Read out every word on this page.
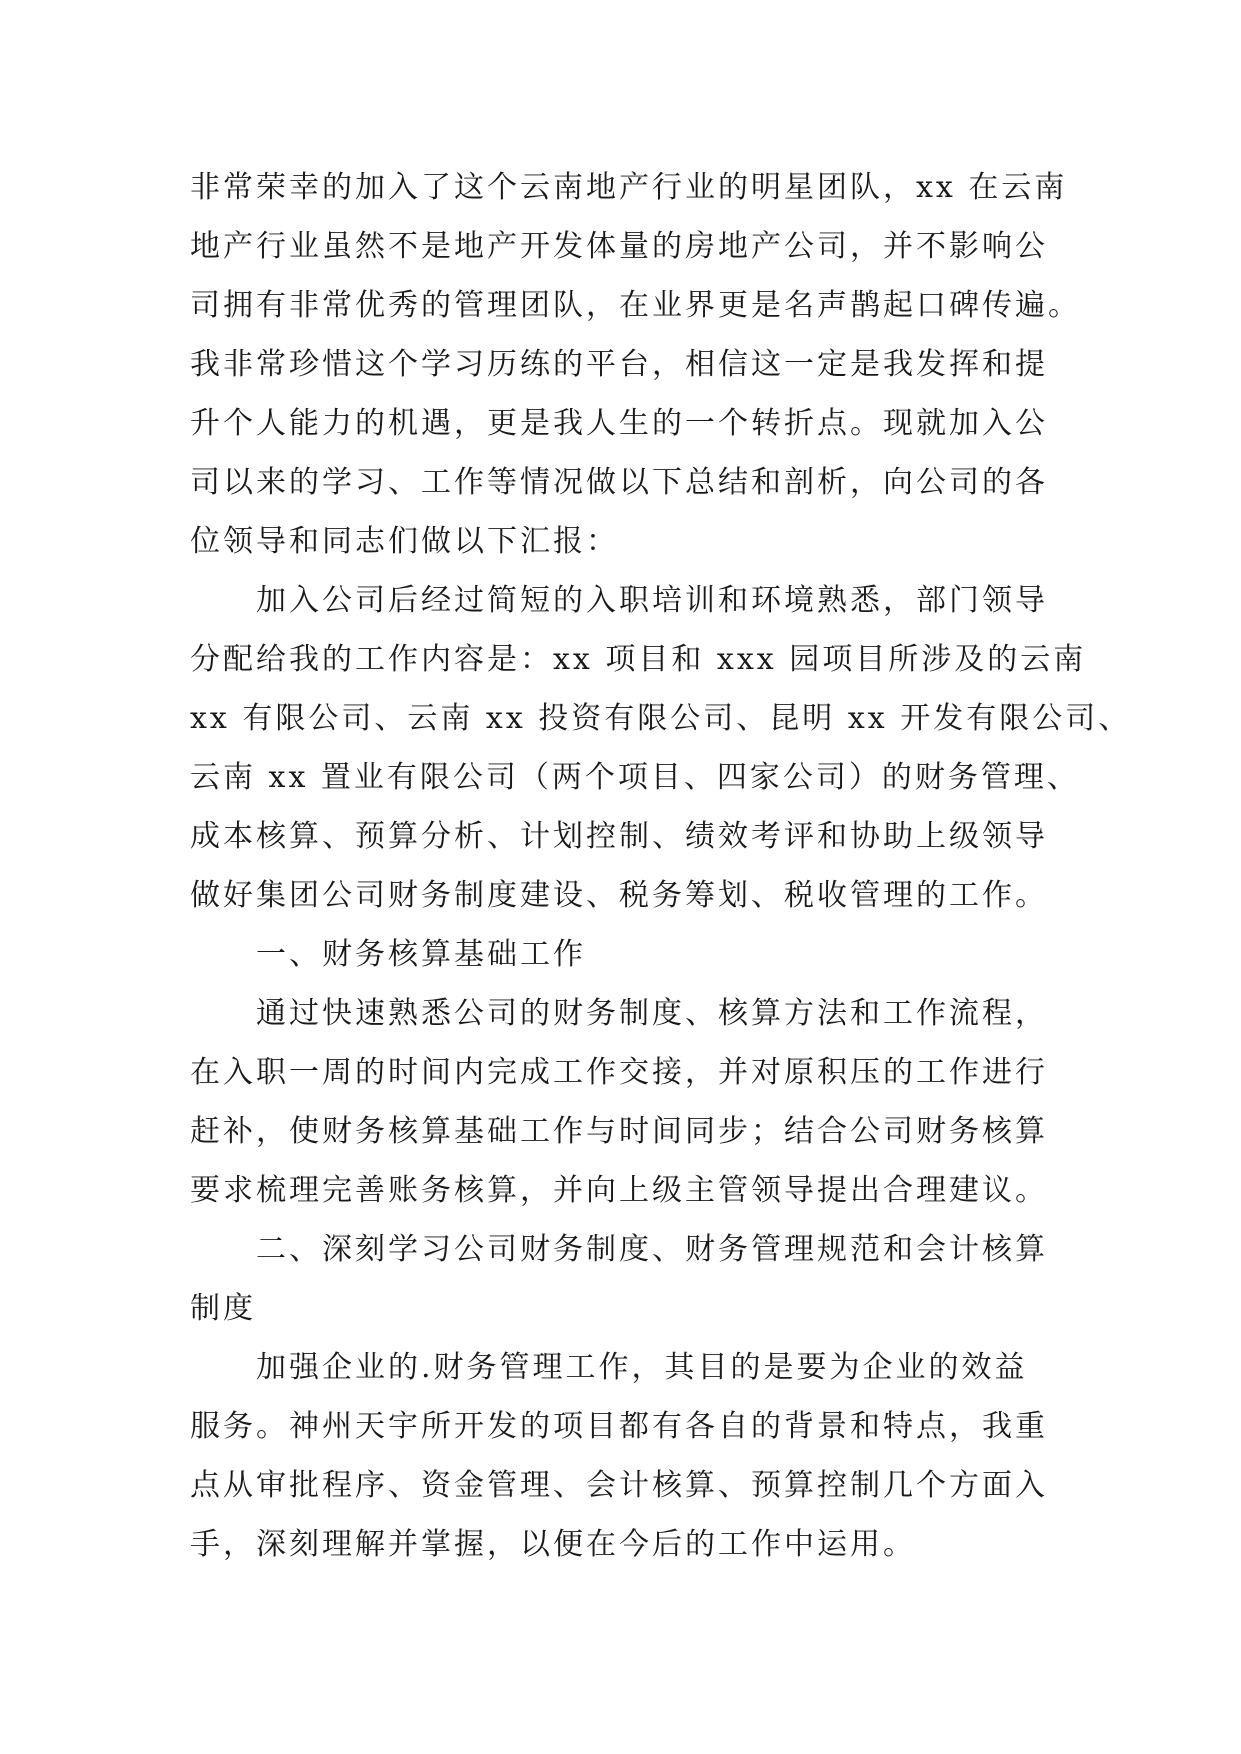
非常荣幸的加入了这个云南地产行业的明星团队，xx 在云南
地产行业虽然不是地产开发体量的房地产公司，并不影响公
司拥有非常优秀的管理团队，在业界更是名声鹊起口碑传遍。
我非常珍惜这个学习历练的平台，相信这一定是我发挥和提
升个人能力的机遇，更是我人生的一个转折点。现就加入公
司以来的学习、工作等情况做以下总结和剖析，向公司的各
位领导和同志们做以下汇报：
　　加入公司后经过简短的入职培训和环境熟悉，部门领导
分配给我的工作内容是：xx 项目和 xxx 园项目所涉及的云南
xx 有限公司、云南 xx 投资有限公司、昆明 xx 开发有限公司、
云南 xx 置业有限公司（两个项目、四家公司）的财务管理、
成本核算、预算分析、计划控制、绩效考评和协助上级领导
做好集团公司财务制度建设、税务筹划、税收管理的工作。
　　一、财务核算基础工作
　　通过快速熟悉公司的财务制度、核算方法和工作流程，
在入职一周的时间内完成工作交接，并对原积压的工作进行
赶补，使财务核算基础工作与时间同步；结合公司财务核算
要求梳理完善账务核算，并向上级主管领导提出合理建议。
　　二、深刻学习公司财务制度、财务管理规范和会计核算
制度
　　加强企业的.财务管理工作，其目的是要为企业的效益
服务。神州天宇所开发的项目都有各自的背景和特点，我重
点从审批程序、资金管理、会计核算、预算控制几个方面入
手，深刻理解并掌握，以便在今后的工作中运用。
